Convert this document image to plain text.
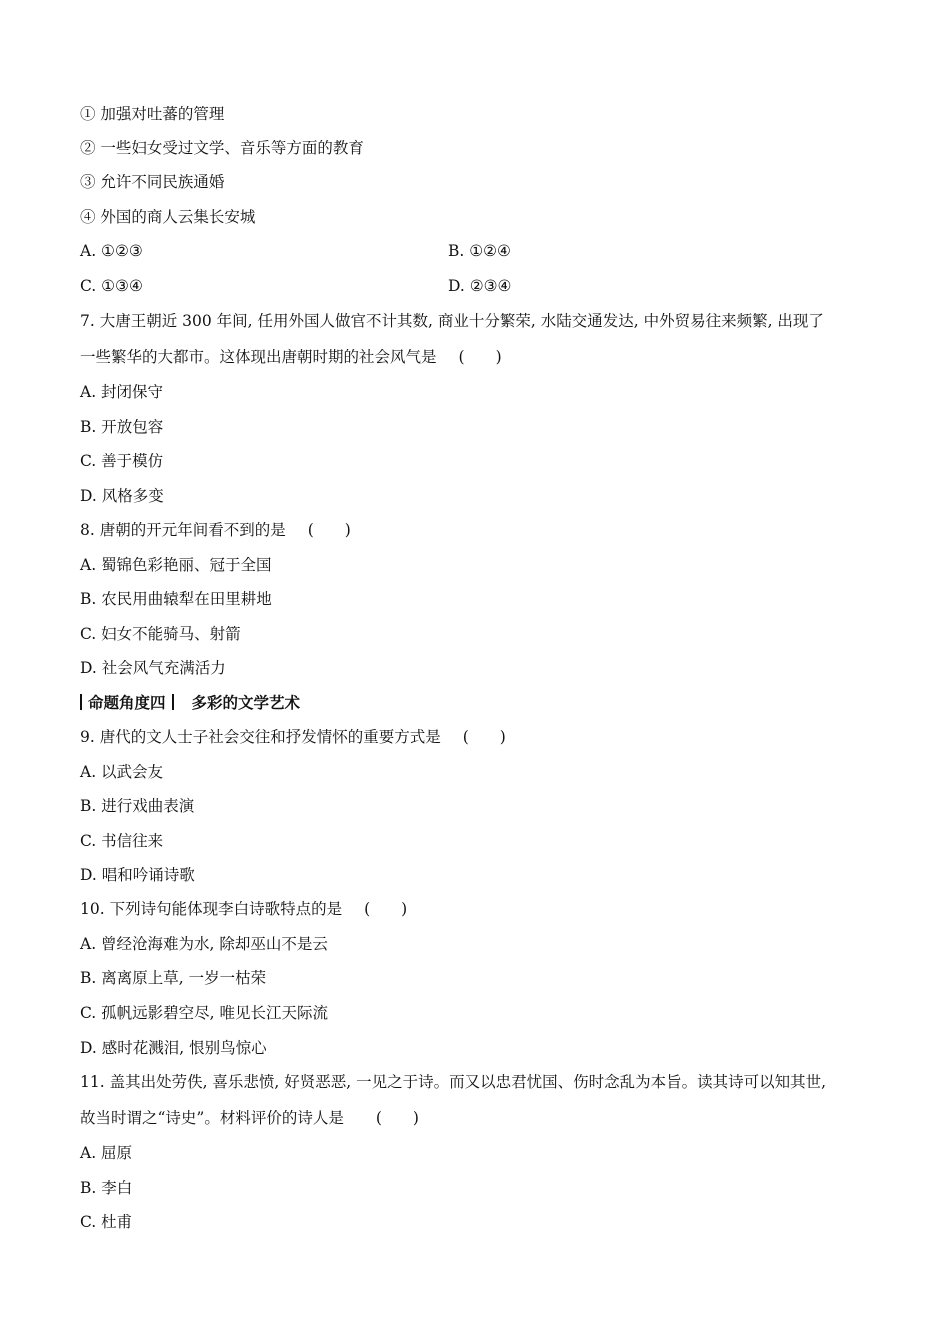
① 加强对吐蕃的管理
② 一些妇女受过文学、音乐等方面的教育
③ 允许不同民族通婚
④ 外国的商人云集长安城
A. ①②③	B. ①②④
C. ①③④	D. ②③④
7. 大唐王朝近 300 年间, 任用外国人做官不计其数, 商业十分繁荣, 水陆交通发达, 中外贸易往来频繁, 出现了
一些繁华的大都市。这体现出唐朝时期的社会风气是 (　　)
A. 封闭保守
B. 开放包容
C. 善于模仿
D. 风格多变
8. 唐朝的开元年间看不到的是 (　　)
A. 蜀锦色彩艳丽、冠于全国
B. 农民用曲辕犁在田里耕地
C. 妇女不能骑马、射箭
D. 社会风气充满活力
命题角度四 多彩的文学艺术
9. 唐代的文人士子社会交往和抒发情怀的重要方式是 (　　)
A. 以武会友
B. 进行戏曲表演
C. 书信往来
D. 唱和吟诵诗歌
10. 下列诗句能体现李白诗歌特点的是 (　　)
A. 曾经沧海难为水, 除却巫山不是云
B. 离离原上草, 一岁一枯荣
C. 孤帆远影碧空尽, 唯见长江天际流
D. 感时花溅泪, 恨别鸟惊心
11. 盖其出处劳佚, 喜乐悲愤, 好贤恶恶, 一见之于诗。而又以忠君忧国、伤时念乱为本旨。读其诗可以知其世,
故当时谓之“诗史”。材料评价的诗人是 (　　)
A. 屈原
B. 李白
C. 杜甫
